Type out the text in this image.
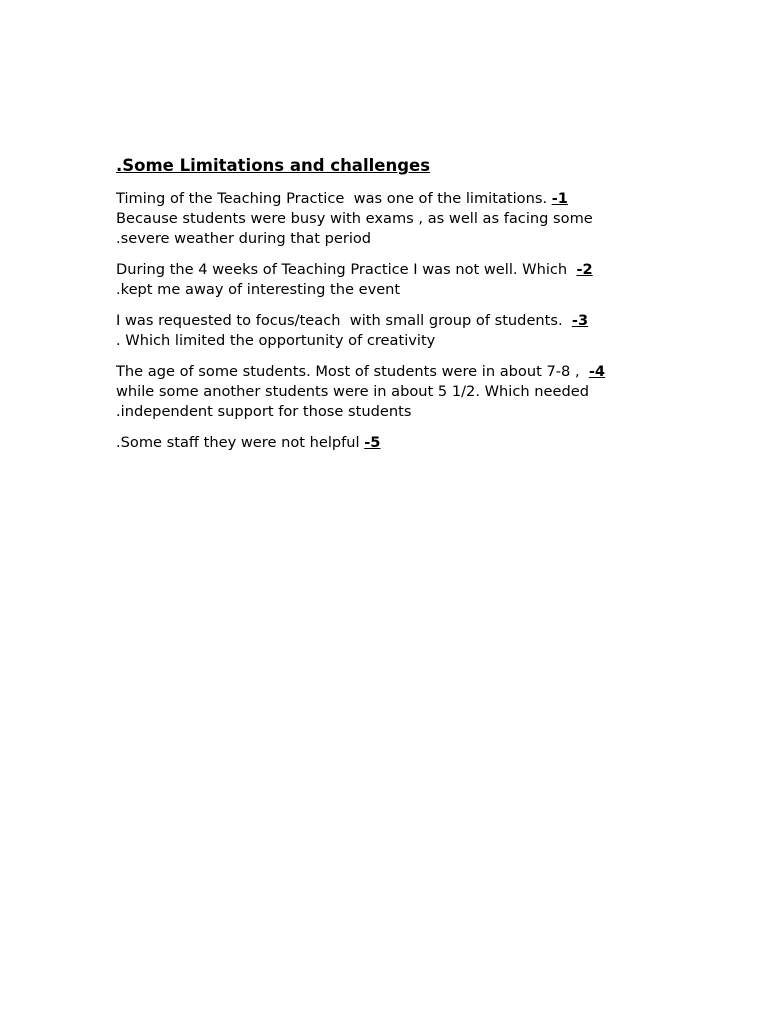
.Some Limitations and challenges
Timing of the Teaching Practice  was one of the limitations. -1
Because students were busy with exams , as well as facing some
.severe weather during that period
During the 4 weeks of Teaching Practice I was not well. Which  -2
.kept me away of interesting the event
I was requested to focus/teach  with small group of students.  -3
. Which limited the opportunity of creativity
The age of some students. Most of students were in about 7-8 ,  -4
while some another students were in about 5 1/2. Which needed
.independent support for those students
.Some staff they were not helpful -5
